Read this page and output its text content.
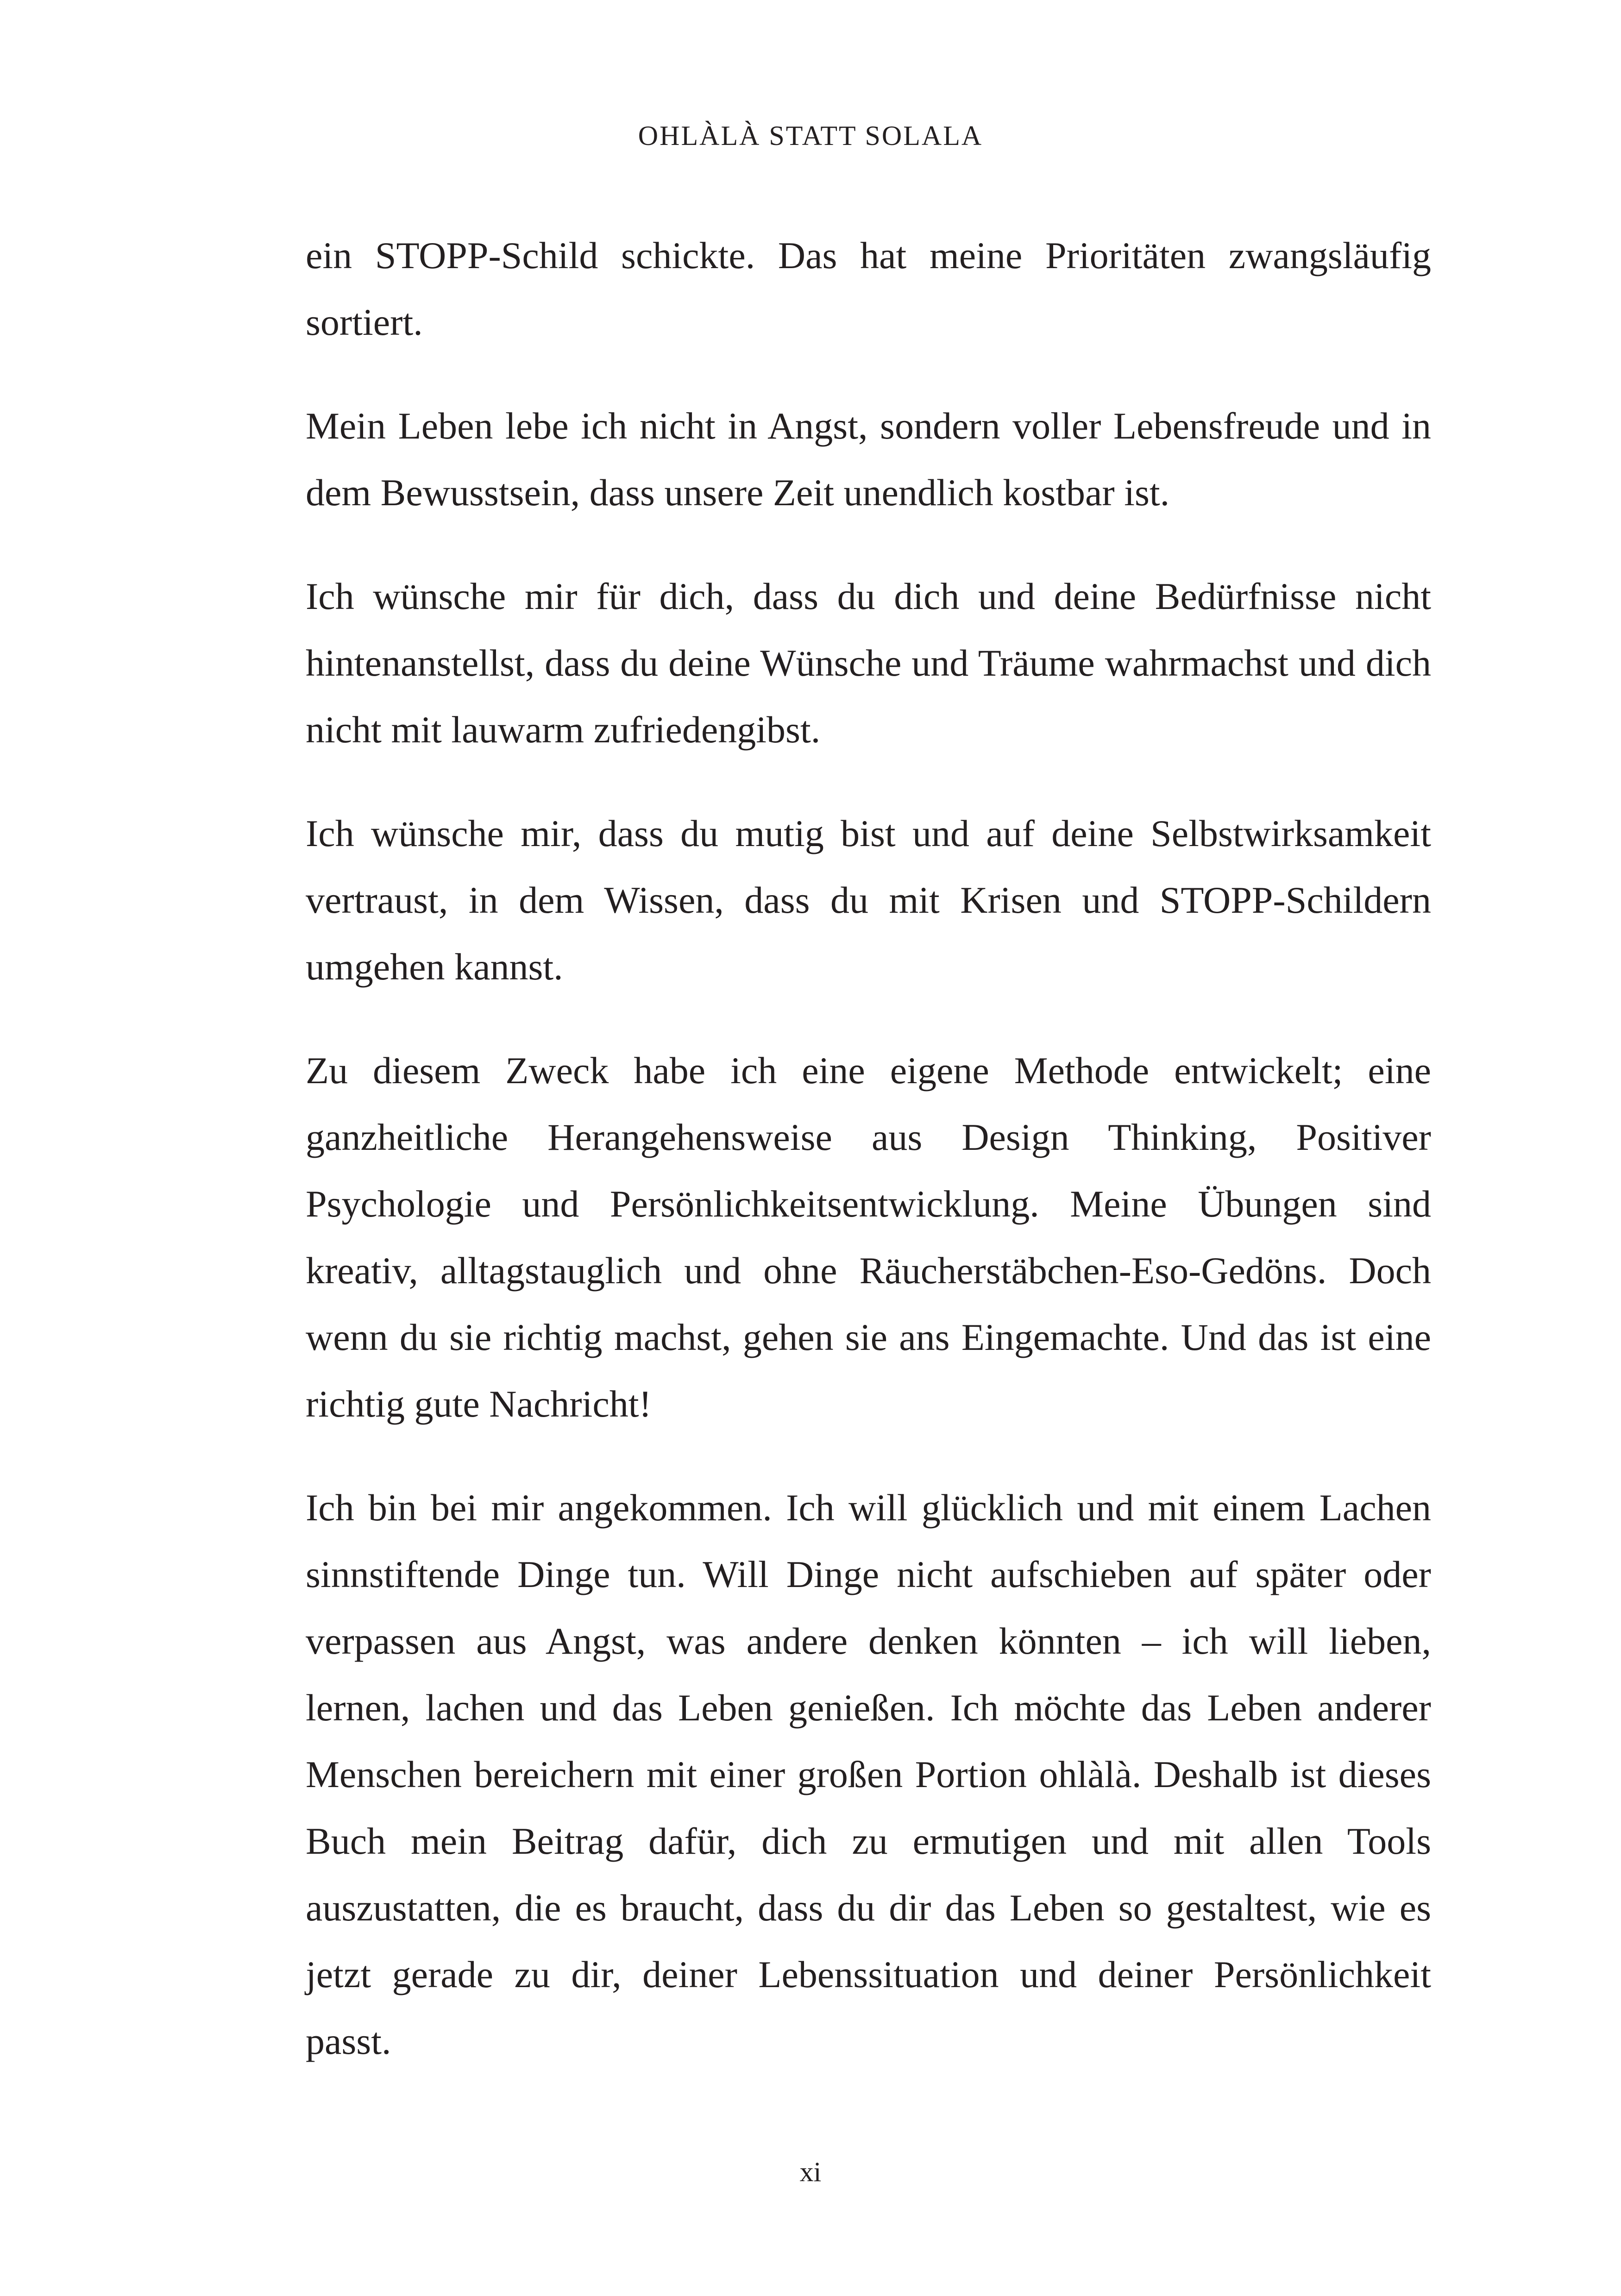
OHLÀLÀ STATT SOLALA

ein STOPP-Schild schickte. Das hat meine Prioritäten zwangsläufig sortiert.

Mein Leben lebe ich nicht in Angst, sondern voller Lebensfreude und in dem Bewusstsein, dass unsere Zeit unendlich kostbar ist.

Ich wünsche mir für dich, dass du dich und deine Bedürfnisse nicht hintenanstellst, dass du deine Wünsche und Träume wahrmachst und dich nicht mit lauwarm zufriedengibst.

Ich wünsche mir, dass du mutig bist und auf deine Selbstwirksamkeit vertraust, in dem Wissen, dass du mit Krisen und STOPP-Schildern umgehen kannst.

Zu diesem Zweck habe ich eine eigene Methode entwickelt; eine ganzheitliche Herangehensweise aus Design Thinking, Positiver Psychologie und Persönlichkeitsentwicklung. Meine Übungen sind kreativ, alltagstauglich und ohne Räucherstäbchen-Eso-Gedöns. Doch wenn du sie richtig machst, gehen sie ans Eingemachte. Und das ist eine richtig gute Nachricht!

Ich bin bei mir angekommen. Ich will glücklich und mit einem Lachen sinnstiftende Dinge tun. Will Dinge nicht aufschieben auf später oder verpassen aus Angst, was andere denken könnten – ich will lieben, lernen, lachen und das Leben genießen. Ich möchte das Leben anderer Menschen bereichern mit einer großen Portion ohlàlà. Deshalb ist dieses Buch mein Beitrag dafür, dich zu ermutigen und mit allen Tools auszustatten, die es braucht, dass du dir das Leben so gestaltest, wie es jetzt gerade zu dir, deiner Lebenssituation und deiner Persönlichkeit passt.

xi
